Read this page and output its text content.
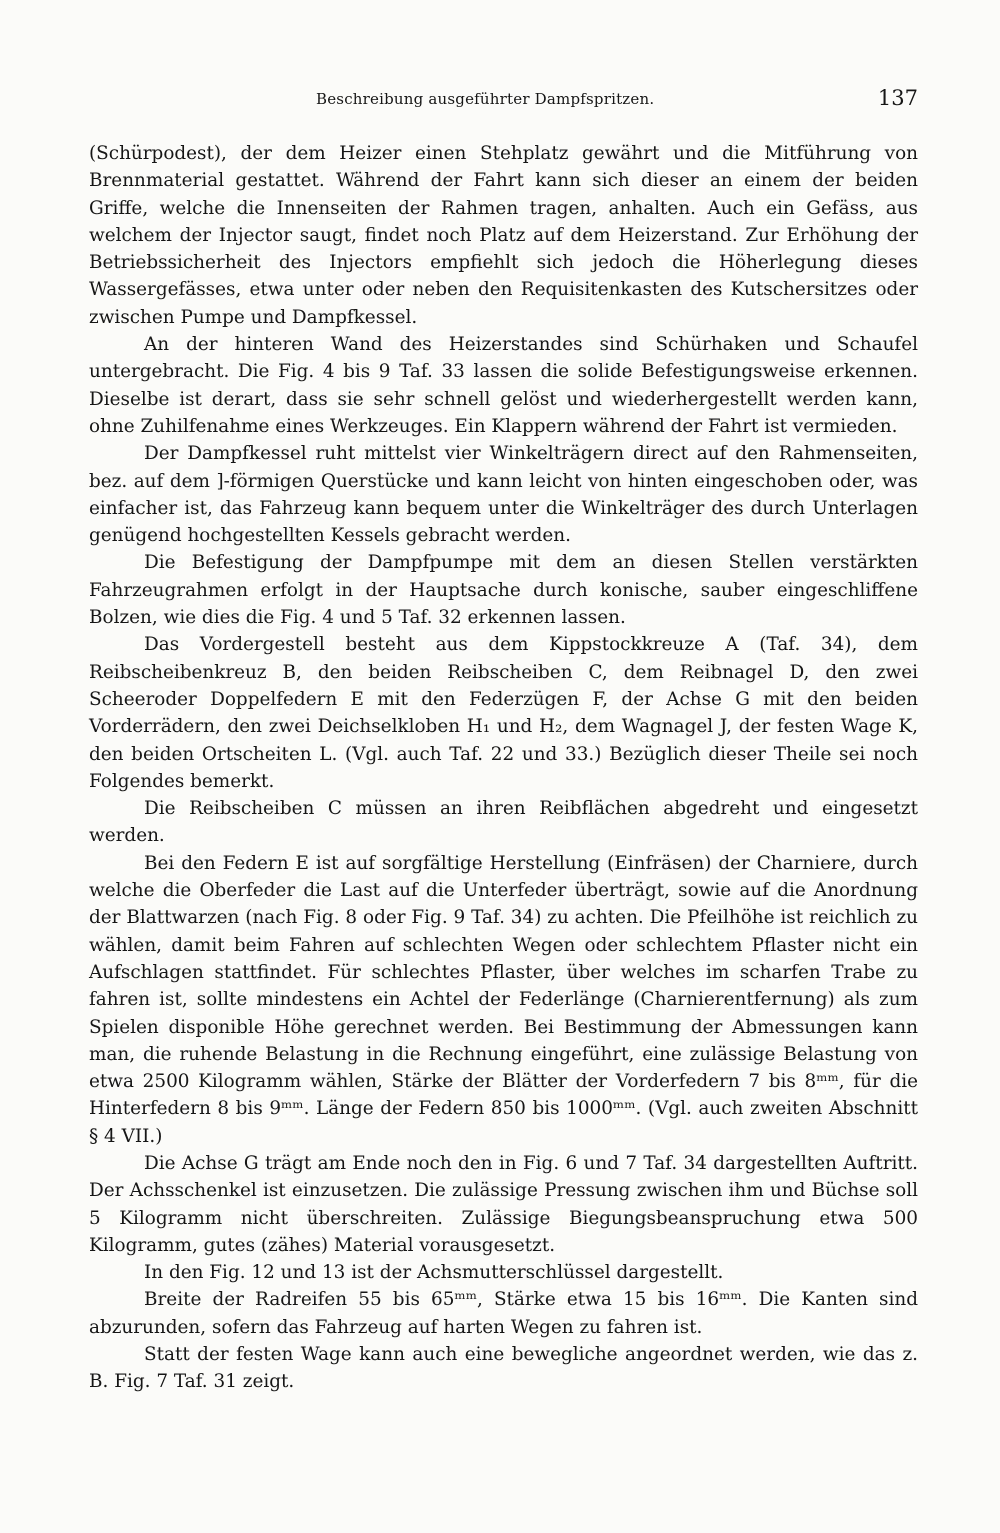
Beschreibung ausgeführter Dampfspritzen.	137

(Schürpodest), der dem Heizer einen Stehplatz gewährt und die Mitführung von Brennmaterial gestattet. Während der Fahrt kann sich dieser an einem der beiden Griffe, welche die Innenseiten der Rahmen tragen, anhalten. Auch ein Gefäss, aus welchem der Injector saugt, findet noch Platz auf dem Heizerstand. Zur Erhöhung der Betriebssicherheit des Injectors empfiehlt sich jedoch die Höherlegung dieses Wassergefässes, etwa unter oder neben den Requisitenkasten des Kutschersitzes oder zwischen Pumpe und Dampfkessel.

An der hinteren Wand des Heizerstandes sind Schürhaken und Schaufel untergebracht. Die Fig. 4 bis 9 Taf. 33 lassen die solide Befestigungsweise erkennen. Dieselbe ist derart, dass sie sehr schnell gelöst und wiederhergestellt werden kann, ohne Zuhilfenahme eines Werkzeuges. Ein Klappern während der Fahrt ist vermieden.

Der Dampfkessel ruht mittelst vier Winkelträgern direct auf den Rahmenseiten, bez. auf dem ]-förmigen Querstücke und kann leicht von hinten eingeschoben oder, was einfacher ist, das Fahrzeug kann bequem unter die Winkelträger des durch Unterlagen genügend hochgestellten Kessels gebracht werden.

Die Befestigung der Dampfpumpe mit dem an diesen Stellen verstärkten Fahrzeugrahmen erfolgt in der Hauptsache durch konische, sauber eingeschliffene Bolzen, wie dies die Fig. 4 und 5 Taf. 32 erkennen lassen.

Das Vordergestell besteht aus dem Kippstockkreuze A (Taf. 34), dem Reibscheibenkreuz B, den beiden Reibscheiben C, dem Reibnagel D, den zwei Scheeroder Doppelfedern E mit den Federzügen F, der Achse G mit den beiden Vorderrädern, den zwei Deichselkloben H₁ und H₂, dem Wagnagel J, der festen Wage K, den beiden Ortscheiten L. (Vgl. auch Taf. 22 und 33.) Bezüglich dieser Theile sei noch Folgendes bemerkt.

Die Reibscheiben C müssen an ihren Reibflächen abgedreht und eingesetzt werden.

Bei den Federn E ist auf sorgfältige Herstellung (Einfräsen) der Charniere, durch welche die Oberfeder die Last auf die Unterfeder überträgt, sowie auf die Anordnung der Blattwarzen (nach Fig. 8 oder Fig. 9 Taf. 34) zu achten. Die Pfeilhöhe ist reichlich zu wählen, damit beim Fahren auf schlechten Wegen oder schlechtem Pflaster nicht ein Aufschlagen stattfindet. Für schlechtes Pflaster, über welches im scharfen Trabe zu fahren ist, sollte mindestens ein Achtel der Federlänge (Charnierentfernung) als zum Spielen disponible Höhe gerechnet werden. Bei Bestimmung der Abmessungen kann man, die ruhende Belastung in die Rechnung eingeführt, eine zulässige Belastung von etwa 2500 Kilogramm wählen, Stärke der Blätter der Vorderfedern 7 bis 8ᵐᵐ, für die Hinterfedern 8 bis 9ᵐᵐ. Länge der Federn 850 bis 1000ᵐᵐ. (Vgl. auch zweiten Abschnitt § 4 VII.)

Die Achse G trägt am Ende noch den in Fig. 6 und 7 Taf. 34 dargestellten Auftritt. Der Achsschenkel ist einzusetzen. Die zulässige Pressung zwischen ihm und Büchse soll 5 Kilogramm nicht überschreiten. Zulässige Biegungsbeanspruchung etwa 500 Kilogramm, gutes (zähes) Material vorausgesetzt.

In den Fig. 12 und 13 ist der Achsmutterschlüssel dargestellt.

Breite der Radreifen 55 bis 65ᵐᵐ, Stärke etwa 15 bis 16ᵐᵐ. Die Kanten sind abzurunden, sofern das Fahrzeug auf harten Wegen zu fahren ist.

Statt der festen Wage kann auch eine bewegliche angeordnet werden, wie das z. B. Fig. 7 Taf. 31 zeigt.
